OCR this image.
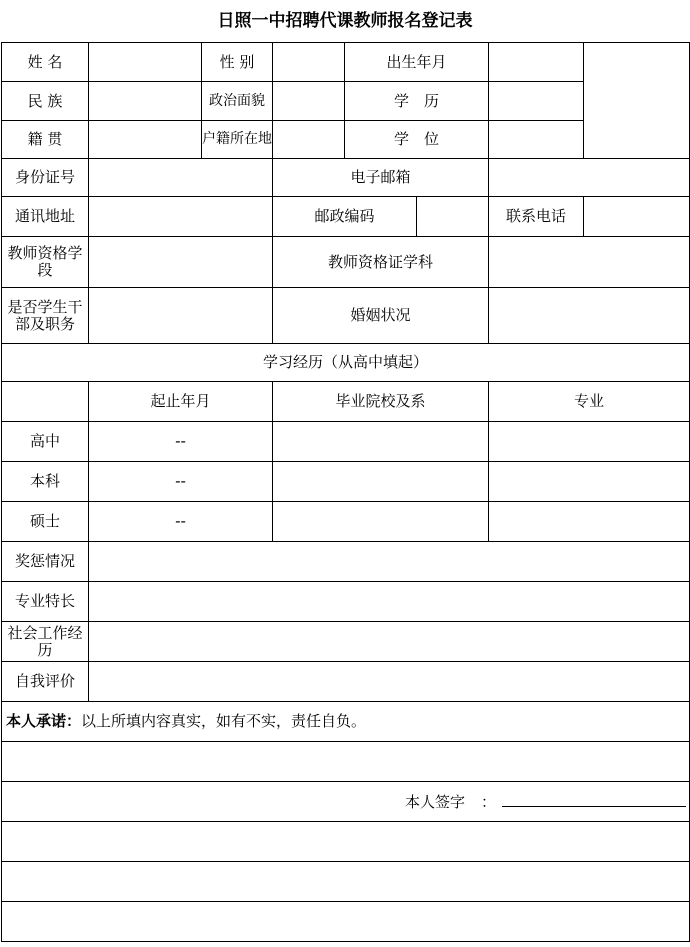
日照一中招聘代课教师报名登记表
姓 名		性 别		出生年月			
民 族		政治面貌		学　历			
籍 贯		户籍所在地		学　位			
身份证号			电子邮箱				
通讯地址			邮政编码			联系电话	
教师资格学段			教师资格证学科				
是否学生干部及职务			婚姻状况				
学习经历（从高中填起）							
	起止年月		毕业院校及系			专业	
高中	--						
本科	--						
硕士	--						
奖惩情况							
专业特长							
社会工作经历							
自我评价							
本人承诺：以上所填内容真实，如有不实，责任自负。							

本人签字 ：							
